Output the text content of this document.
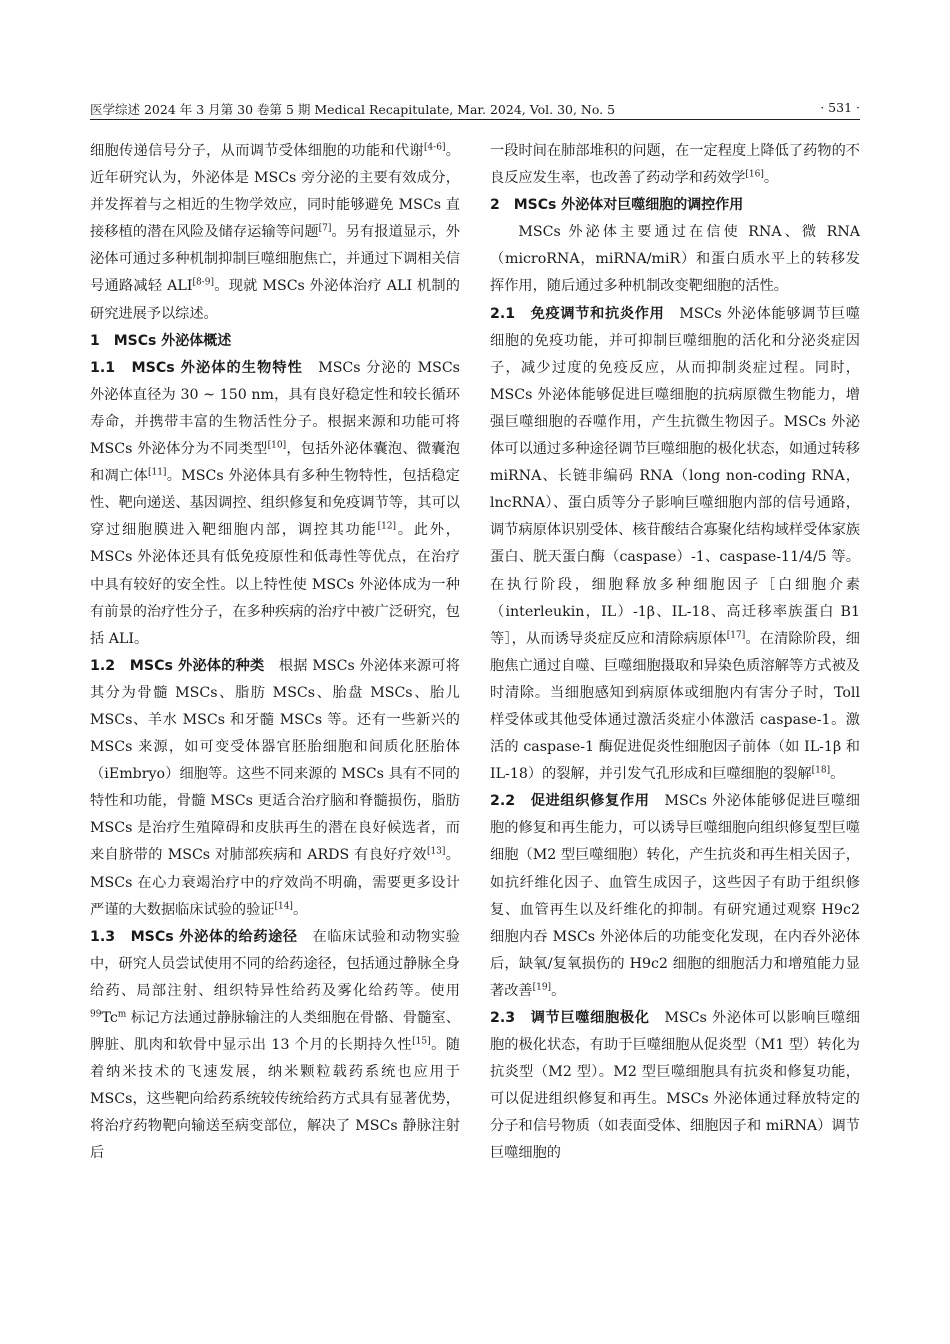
医学综述 2024 年 3 月第 30 卷第 5 期 Medical Recapitulate, Mar. 2024, Vol. 30, No. 5	· 531 ·

细胞传递信号分子，从而调节受体细胞的功能和代谢[4-6]。近年研究认为，外泌体是 MSCs 旁分泌的主要有效成分，并发挥着与之相近的生物学效应，同时能够避免 MSCs 直接移植的潜在风险及储存运输等问题[7]。另有报道显示，外泌体可通过多种机制抑制巨噬细胞焦亡，并通过下调相关信号通路减轻 ALI[8-9]。现就 MSCs 外泌体治疗 ALI 机制的研究进展予以综述。

1　MSCs 外泌体概述

1.1　 MSCs 外泌体的生物特性　 MSCs 分泌的 MSCs 外泌体直径为 30 ~ 150 nm，具有良好稳定性和较长循环寿命，并携带丰富的生物活性分子。根据来源和功能可将 MSCs 外泌体分为不同类型[10]，包括外泌体囊泡、微囊泡和凋亡体[11]。MSCs 外泌体具有多种生物特性，包括稳定性、靶向递送、基因调控、组织修复和免疫调节等，其可以穿过细胞膜进入靶细胞内部，调控其功能[12]。此外，MSCs 外泌体还具有低免疫原性和低毒性等优点，在治疗中具有较好的安全性。以上特性使 MSCs 外泌体成为一种有前景的治疗性分子，在多种疾病的治疗中被广泛研究，包括 ALI。

1.2　 MSCs 外泌体的种类　 根据 MSCs 外泌体来源可将其分为骨髓 MSCs、脂肪 MSCs、胎盘 MSCs、胎儿 MSCs、羊水 MSCs 和牙髓 MSCs 等。还有一些新兴的 MSCs 来源，如可变受体器官胚胎细胞和间质化胚胎体（iEmbryo）细胞等。这些不同来源的 MSCs 具有不同的特性和功能，骨髓 MSCs 更适合治疗脑和脊髓损伤，脂肪 MSCs 是治疗生殖障碍和皮肤再生的潜在良好候选者，而来自脐带的 MSCs 对肺部疾病和 ARDS 有良好疗效[13]。MSCs 在心力衰竭治疗中的疗效尚不明确，需要更多设计严谨的大数据临床试验的验证[14]。

1.3　 MSCs 外泌体的给药途径　 在临床试验和动物实验中，研究人员尝试使用不同的给药途径，包括通过静脉全身给药、局部注射、组织特异性给药及雾化给药等。使用$^{99}$Tc$^m$ 标记方法通过静脉输注的人类细胞在骨骼、骨髓室、脾脏、肌肉和软骨中显示出 13 个月的长期持久性[15]。随着纳米技术的飞速发展，纳米颗粒载药系统也应用于 MSCs，这些靶向给药系统较传统给药方式具有显著优势，将治疗药物靶向输送至病变部位，解决了 MSCs 静脉注射后

一段时间在肺部堆积的问题，在一定程度上降低了药物的不良反应发生率，也改善了药动学和药效学[16]。

2　MSCs 外泌体对巨噬细胞的调控作用

MSCs 外泌体主要通过在信使 RNA、微 RNA（microRNA，miRNA/miR）和蛋白质水平上的转移发挥作用，随后通过多种机制改变靶细胞的活性。

2.1　 免疫调节和抗炎作用　 MSCs 外泌体能够调节巨噬细胞的免疫功能，并可抑制巨噬细胞的活化和分泌炎症因子，减少过度的免疫反应，从而抑制炎症过程。同时，MSCs 外泌体能够促进巨噬细胞的抗病原微生物能力，增强巨噬细胞的吞噬作用，产生抗微生物因子。MSCs 外泌体可以通过多种途径调节巨噬细胞的极化状态，如通过转移 miRNA、长链非编码 RNA（long non-coding RNA，lncRNA）、蛋白质等分子影响巨噬细胞内部的信号通路，调节病原体识别受体、核苷酸结合寡聚化结构域样受体家族蛋白、胱天蛋白酶（caspase）-1、caspase-11/4/5 等。在执行阶段，细胞释放多种细胞因子［白细胞介素（interleukin，IL）-1β、IL-18、高迁移率族蛋白 B1 等］，从而诱导炎症反应和清除病原体[17]。在清除阶段，细胞焦亡通过自噬、巨噬细胞摄取和异染色质溶解等方式被及时清除。当细胞感知到病原体或细胞内有害分子时，Toll 样受体或其他受体通过激活炎症小体激活 caspase-1。激活的 caspase-1 酶促进促炎性细胞因子前体（如 IL-1β 和 IL-18）的裂解，并引发气孔形成和巨噬细胞的裂解[18]。

2.2　 促进组织修复作用　 MSCs 外泌体能够促进巨噬细胞的修复和再生能力，可以诱导巨噬细胞向组织修复型巨噬细胞（M2 型巨噬细胞）转化，产生抗炎和再生相关因子，如抗纤维化因子、血管生成因子，这些因子有助于组织修复、血管再生以及纤维化的抑制。有研究通过观察 H9c2 细胞内吞 MSCs 外泌体后的功能变化发现，在内吞外泌体后，缺氧/复氧损伤的 H9c2 细胞的细胞活力和增殖能力显著改善[19]。

2.3　 调节巨噬细胞极化　 MSCs 外泌体可以影响巨噬细胞的极化状态，有助于巨噬细胞从促炎型（M1 型）转化为抗炎型（M2 型）。M2 型巨噬细胞具有抗炎和修复功能，可以促进组织修复和再生。MSCs 外泌体通过释放特定的分子和信号物质（如表面受体、细胞因子和 miRNA）调节巨噬细胞的
